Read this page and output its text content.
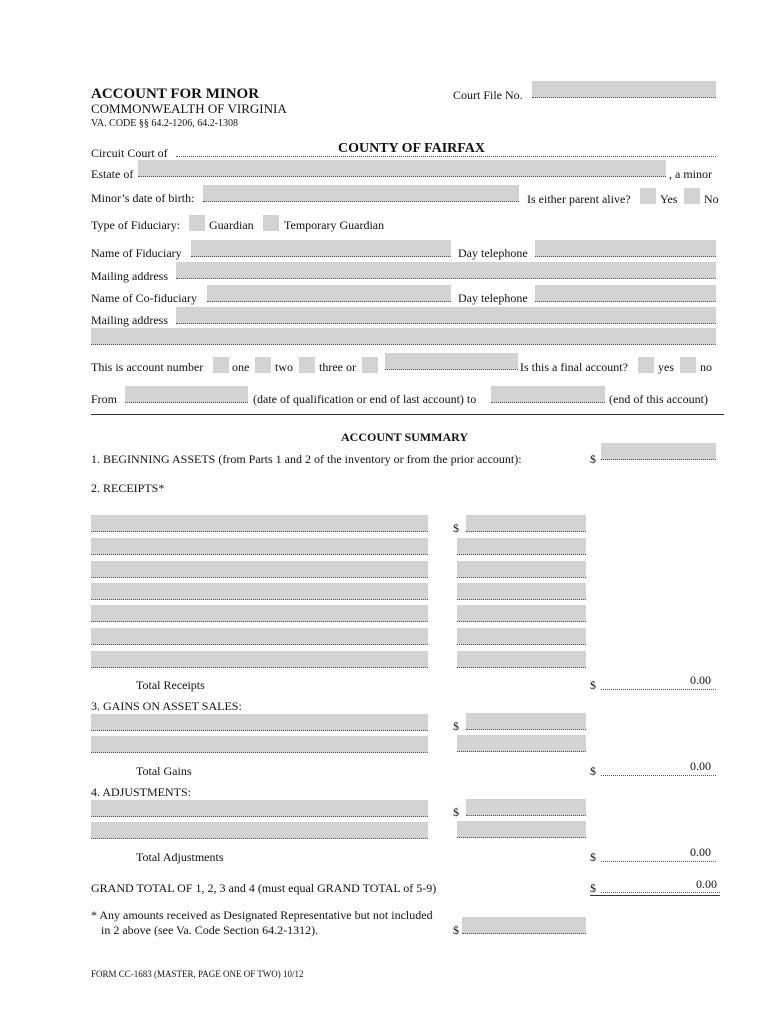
ACCOUNT FOR MINOR
COMMONWEALTH OF VIRGINIA
VA. CODE §§ 64.2-1206, 64.2-1308
Court File No.
Circuit Court of	COUNTY OF FAIRFAX
Estate of	, a minor
Minor’s date of birth:	Is either parent alive? Yes No
Type of Fiduciary: Guardian	Temporary Guardian
Name of Fiduciary	Day telephone
Mailing address
Name of Co-fiduciary	Day telephone
Mailing address
This is account number one two three or	Is this a final account?	yes no
From	(date of qualification or end of last account) to	(end of this account)
ACCOUNT SUMMARY
1. BEGINNING ASSETS (from Parts 1 and 2 of the inventory or from the prior account):	$
2. RECEIPTS*
$
Total Receipts	$	0.00
3. GAINS ON ASSET SALES:
$
Total Gains	$	0.00
4. ADJUSTMENTS:
$
Total Adjustments	$	0.00
GRAND TOTAL OF 1, 2, 3 and 4 (must equal GRAND TOTAL of 5-9)	$	0.00
* Any amounts received as Designated Representative but not included
in 2 above (see Va. Code Section 64.2-1312).	$
FORM CC-1683 (MASTER, PAGE ONE OF TWO) 10/12
